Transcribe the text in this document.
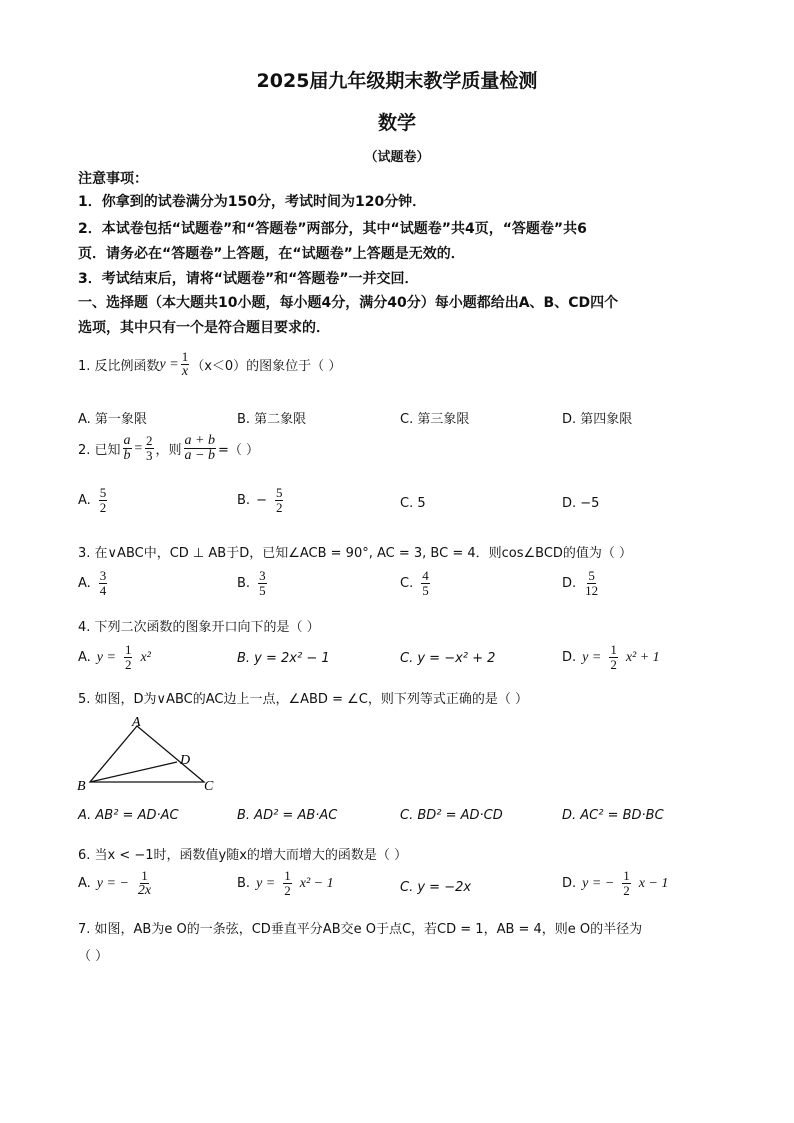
2025届九年级期末教学质量检测
数学
（试题卷）
注意事项：
1．你拿到的试卷满分为150分，考试时间为120分钟．
2．本试卷包括“试题卷”和“答题卷”两部分，其中“试题卷”共4页，“答题卷”共6
页．请务必在“答题卷”上答题，在“试题卷”上答题是无效的．
3．考试结束后，请将“试题卷”和“答题卷”一并交回．
一、选择题（本大题共10小题，每小题4分，满分40分）每小题都给出A、B、CD四个
选项，其中只有一个是符合题目要求的．
1. 反比例函数 $y = \frac{1}{x} (x<0)$的图象位于（ ）
A. 第一象限	B. 第二象限	C. 第三象限	D. 第四象限
2. 已知 $\frac{a}{b} = \frac{2}{3}$ ，则 $\frac{a + b}{a - b}$ =（ ）
A. $\frac{5}{2}$	B. − $\frac{5}{2}$	C. 5	D. −5
3. 在∨ABC中，CD ⊥ AB于D，已知∠ACB = 90°, AC = 3, BC = 4．则cos∠BCD的值为（ ）
A. $\frac{3}{4}$	B. $\frac{3}{5}$	C. $\frac{4}{5}$	D. $\frac{5}{12}$
4. 下列二次函数的图象开口向下的是（ ）
A. $y = \frac{1}{2} x^2$	B. y = 2x² − 1	C. y = −x² + 2	D. $y = \frac{1}{2} x^2 + 1$
5. 如图，D为∨ABC的AC边上一点，∠ABD = ∠C，则下列等式正确的是（ ）
A
B	C
D
A. AB² = AD·AC	B. AD² = AB·AC	C. BD² = AD·CD	D. AC² = BD·BC
6. 当x < −1时，函数值y随x的增大而增大的函数是（ ）
A. y = − $\frac{1}{2x}$	B. $y = \frac{1}{2} x^2 - 1$	C. y = −2x	D. y = − $\frac{1}{2}$ x − 1
7. 如图，AB为e O的一条弦，CD垂直平分AB交e O于点C，若CD = 1，AB = 4，则e O的半径为
（ ）
